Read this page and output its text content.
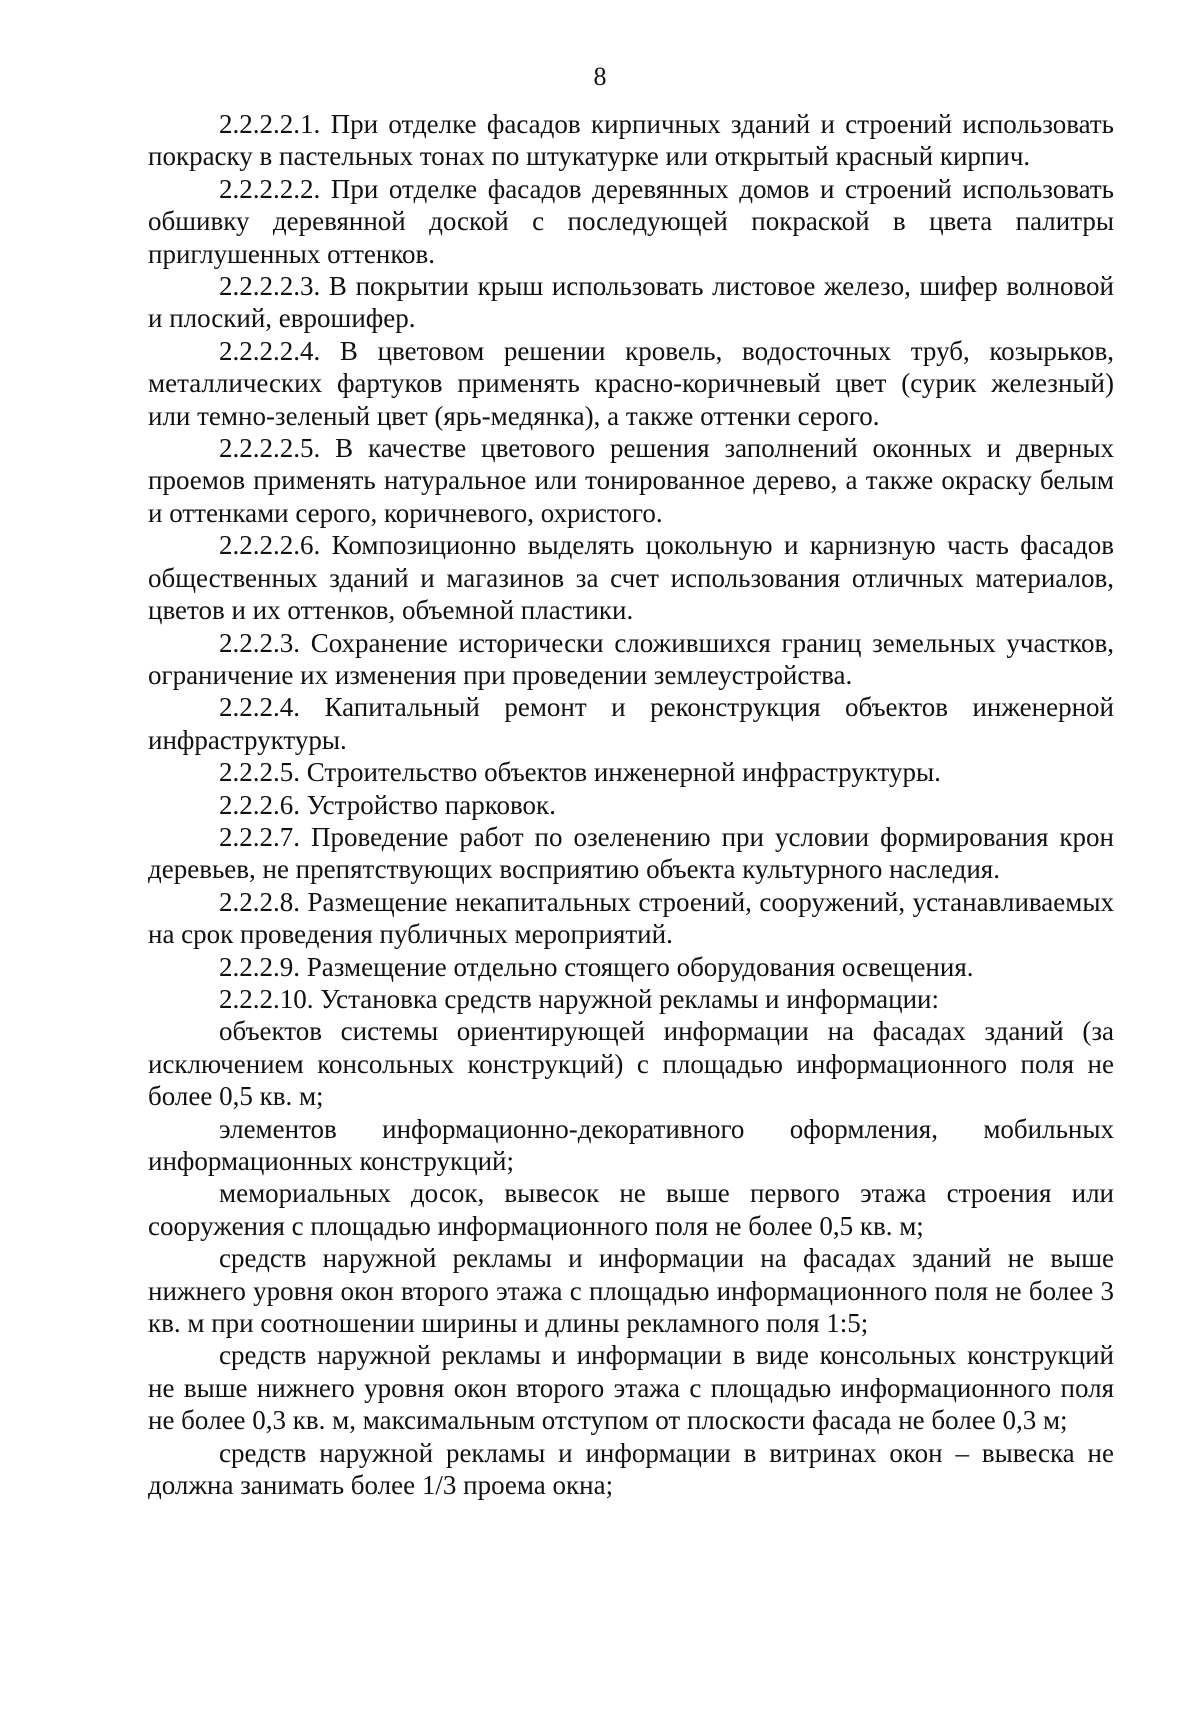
8

2.2.2.2.1. При отделке фасадов кирпичных зданий и строений использовать покраску в пастельных тонах по штукатурке или открытый красный кирпич.

2.2.2.2.2. При отделке фасадов деревянных домов и строений использовать обшивку деревянной доской с последующей покраской в цвета палитры приглушенных оттенков.

2.2.2.2.3. В покрытии крыш использовать листовое железо, шифер волновой и плоский, еврошифер.

2.2.2.2.4. В цветовом решении кровель, водосточных труб, козырьков, металлических фартуков применять красно-коричневый цвет (сурик железный) или темно-зеленый цвет (ярь-медянка), а также оттенки серого.

2.2.2.2.5. В качестве цветового решения заполнений оконных и дверных проемов применять натуральное или тонированное дерево, а также окраску белым и оттенками серого, коричневого, охристого.

2.2.2.2.6. Композиционно выделять цокольную и карнизную часть фасадов общественных зданий и магазинов за счет использования отличных материалов, цветов и их оттенков, объемной пластики.

2.2.2.3. Сохранение исторически сложившихся границ земельных участков, ограничение их изменения при проведении землеустройства.

2.2.2.4. Капитальный ремонт и реконструкция объектов инженерной инфраструктуры.

2.2.2.5. Строительство объектов инженерной инфраструктуры.

2.2.2.6. Устройство парковок.

2.2.2.7. Проведение работ по озеленению при условии формирования крон деревьев, не препятствующих восприятию объекта культурного наследия.

2.2.2.8. Размещение некапитальных строений, сооружений, устанавливаемых на срок проведения публичных мероприятий.

2.2.2.9. Размещение отдельно стоящего оборудования освещения.

2.2.2.10. Установка средств наружной рекламы и информации:

объектов системы ориентирующей информации на фасадах зданий (за исключением консольных конструкций) с площадью информационного поля не более 0,5 кв. м;

элементов информационно-декоративного оформления, мобильных информационных конструкций;

мемориальных досок, вывесок не выше первого этажа строения или сооружения с площадью информационного поля не более 0,5 кв. м;

средств наружной рекламы и информации на фасадах зданий не выше нижнего уровня окон второго этажа с площадью информационного поля не более 3 кв. м при соотношении ширины и длины рекламного поля 1:5;

средств наружной рекламы и информации в виде консольных конструкций не выше нижнего уровня окон второго этажа с площадью информационного поля не более 0,3 кв. м, максимальным отступом от плоскости фасада не более 0,3 м;

средств наружной рекламы и информации в витринах окон – вывеска не должна занимать более 1/3 проема окна;
